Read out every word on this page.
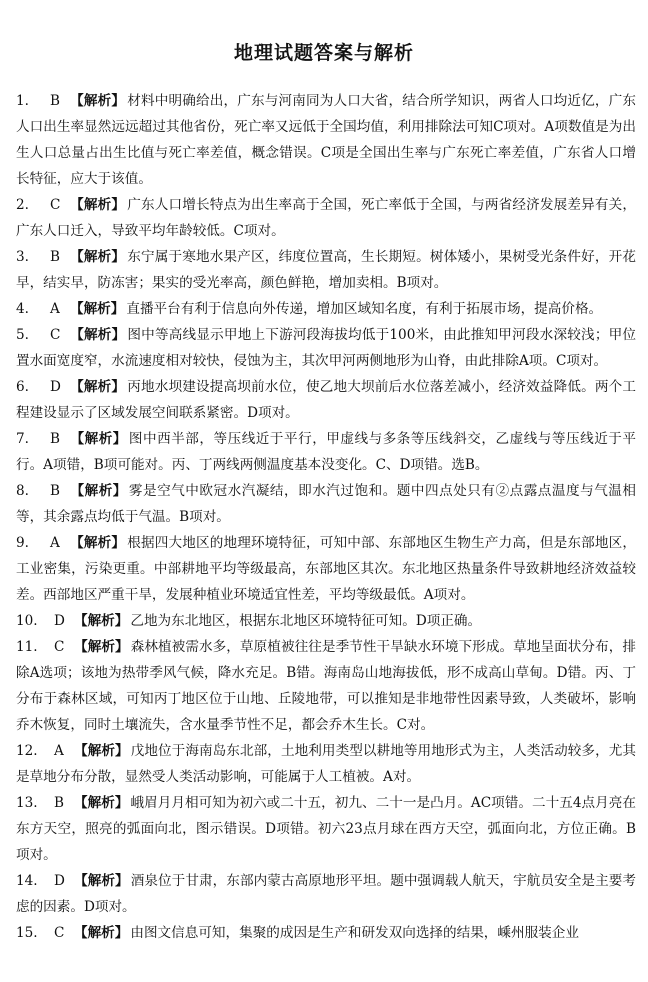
地理试题答案与解析
1. B 【解析】 材料中明确给出，广东与河南同为人口大省，结合所学知识，两省人口均近亿，广东人口出生率显然远远超过其他省份，死亡率又远低于全国均值，利用排除法可知C项对。A项数值是为出生人口总量占出生比值与死亡率差值，概念错误。C项是全国出生率与广东死亡率差值，广东省人口增长特征，应大于该值。
2. C 【解析】 广东人口增长特点为出生率高于全国，死亡率低于全国，与两省经济发展差异有关，广东人口迁入，导致平均年龄较低。C项对。
3. B 【解析】 东宁属于寒地水果产区，纬度位置高，生长期短。树体矮小，果树受光条件好，开花早，结实早，防冻害；果实的受光率高，颜色鲜艳，增加卖相。B项对。
4. A 【解析】 直播平台有利于信息向外传递，增加区域知名度，有利于拓展市场，提高价格。
5. C 【解析】 图中等高线显示甲地上下游河段海拔均低于100米，由此推知甲河段水深较浅；甲位置水面宽度窄，水流速度相对较快，侵蚀为主，其次甲河两侧地形为山脊，由此排除A项。C项对。
6. D 【解析】 丙地水坝建设提高坝前水位，使乙地大坝前后水位落差减小，经济效益降低。两个工程建设显示了区域发展空间联系紧密。D项对。
7. B 【解析】 图中西半部，等压线近于平行，甲虚线与多条等压线斜交，乙虚线与等压线近于平行。A项错，B项可能对。丙、丁两线两侧温度基本没变化。C、D项错。选B。
8. B 【解析】 雾是空气中欧冠水汽凝结，即水汽过饱和。题中四点处只有②点露点温度与气温相等，其余露点均低于气温。B项对。
9. A 【解析】 根据四大地区的地理环境特征，可知中部、东部地区生物生产力高，但是东部地区，工业密集，污染更重。中部耕地平均等级最高，东部地区其次。东北地区热量条件导致耕地经济效益较差。西部地区严重干旱，发展种植业环境适宜性差，平均等级最低。A项对。
10. D 【解析】 乙地为东北地区，根据东北地区环境特征可知。D项正确。
11. C 【解析】 森林植被需水多，草原植被往往是季节性干旱缺水环境下形成。草地呈面状分布，排除A选项；该地为热带季风气候，降水充足。B错。海南岛山地海拔低，形不成高山草甸。D错。丙、丁分布于森林区域，可知丙丁地区位于山地、丘陵地带，可以推知是非地带性因素导致，人类破坏，影响乔木恢复，同时土壤流失，含水量季节性不足，都会乔木生长。C对。
12. A 【解析】 戊地位于海南岛东北部，土地利用类型以耕地等用地形式为主，人类活动较多，尤其是草地分布分散，显然受人类活动影响，可能属于人工植被。A对。
13. B 【解析】 峨眉月月相可知为初六或二十五，初九、二十一是凸月。AC项错。二十五4点月亮在东方天空，照亮的弧面向北，图示错误。D项错。初六23点月球在西方天空，弧面向北，方位正确。B项对。
14. D 【解析】 酒泉位于甘肃，东部内蒙古高原地形平坦。题中强调载人航天，宇航员安全是主要考虑的因素。D项对。
15. C 【解析】 由图文信息可知，集聚的成因是生产和研发双向选择的结果，嵊州服装企业
